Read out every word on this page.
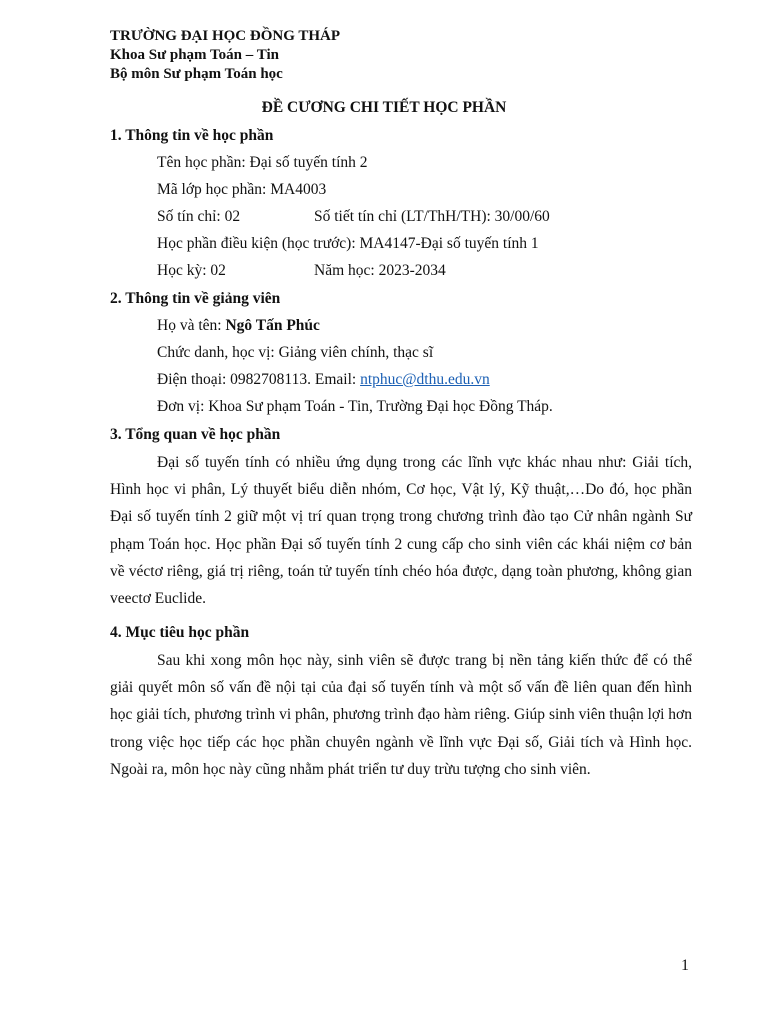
TRƯỜNG ĐẠI HỌC ĐỒNG THÁP
Khoa Sư phạm Toán – Tin
Bộ môn Sư phạm Toán học
ĐỀ CƯƠNG CHI TIẾT HỌC PHẦN
1. Thông tin về học phần
Tên học phần: Đại số tuyến tính 2
Mã lớp học phần: MA4003
Số tín chỉ: 02	Số tiết tín chỉ (LT/ThH/TH): 30/00/60
Học phần điều kiện (học trước): MA4147-Đại số tuyến tính 1
Học kỳ: 02	Năm học: 2023-2034
2. Thông tin về giảng viên
Họ và tên: Ngô Tấn Phúc
Chức danh, học vị: Giảng viên chính, thạc sĩ
Điện thoại: 0982708113. Email: ntphuc@dthu.edu.vn
Đơn vị: Khoa Sư phạm Toán - Tin, Trường Đại học Đồng Tháp.
3. Tổng quan về học phần
Đại số tuyến tính có nhiều ứng dụng trong các lĩnh vực khác nhau như: Giải tích, Hình học vi phân, Lý thuyết biểu diễn nhóm, Cơ học, Vật lý, Kỹ thuật,…Do đó, học phần Đại số tuyến tính 2 giữ một vị trí quan trọng trong chương trình đào tạo Cử nhân ngành Sư phạm Toán học. Học phần Đại số tuyến tính 2 cung cấp cho sinh viên các khái niệm cơ bản về véctơ riêng, giá trị riêng, toán tử tuyến tính chéo hóa được, dạng toàn phương, không gian veectơ Euclide.
4. Mục tiêu học phần
Sau khi xong môn học này, sinh viên sẽ được trang bị nền tảng kiến thức để có thể giải quyết môn số vấn đề nội tại của đại số tuyến tính và một số vấn đề liên quan đến hình học giải tích, phương trình vi phân, phương trình đạo hàm riêng. Giúp sinh viên thuận lợi hơn trong việc học tiếp các học phần chuyên ngành về lĩnh vực Đại số, Giải tích và Hình học. Ngoài ra, môn học này cũng nhằm phát triển tư duy trừu tượng cho sinh viên.
1
